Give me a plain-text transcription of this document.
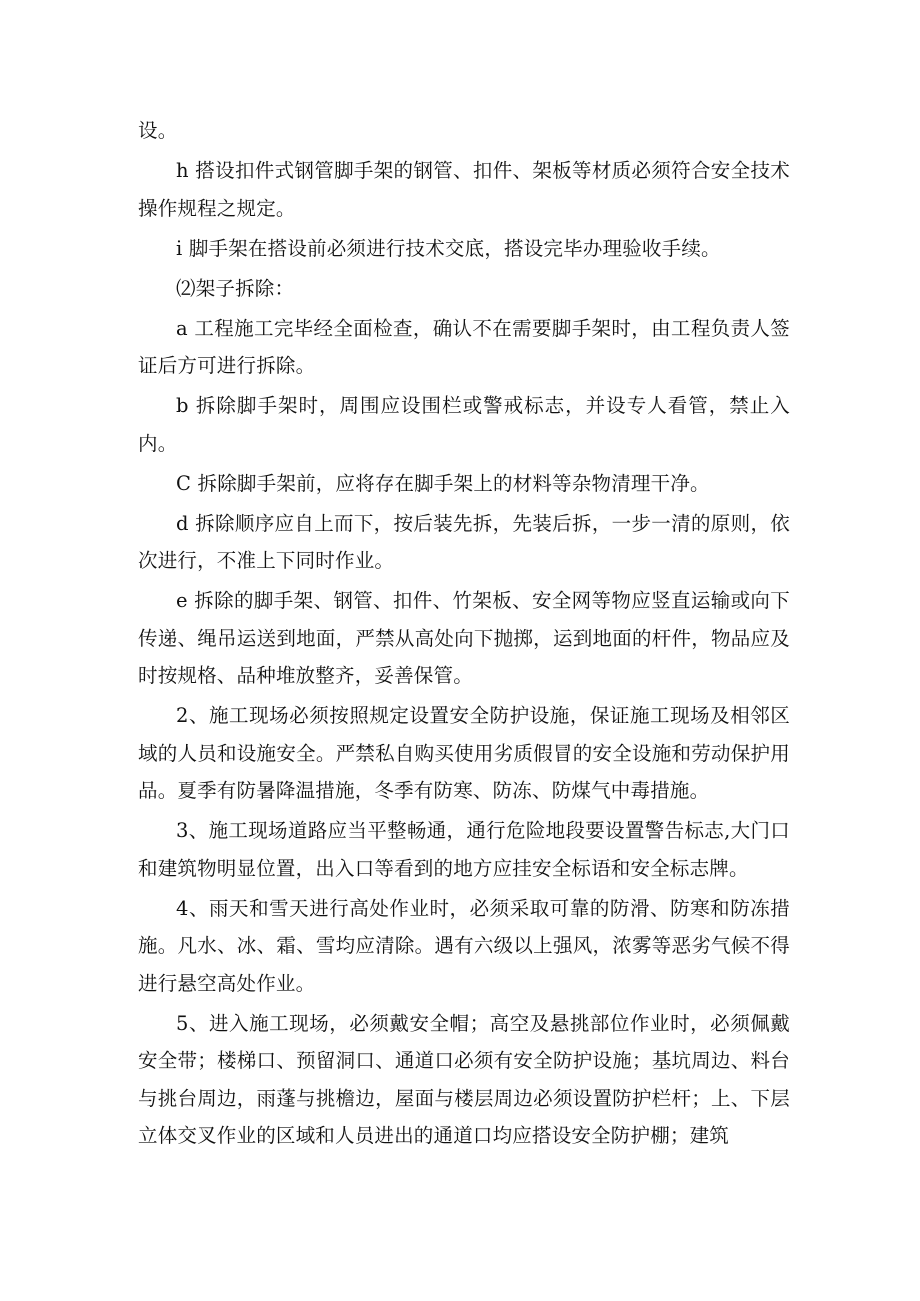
设。

h 搭设扣件式钢管脚手架的钢管、扣件、架板等材质必须符合安全技术操作规程之规定。

i 脚手架在搭设前必须进行技术交底，搭设完毕办理验收手续。

⑵架子拆除：

a 工程施工完毕经全面检查，确认不在需要脚手架时，由工程负责人签证后方可进行拆除。

b 拆除脚手架时，周围应设围栏或警戒标志，并设专人看管，禁止入内。

C 拆除脚手架前，应将存在脚手架上的材料等杂物清理干净。

d 拆除顺序应自上而下，按后装先拆，先装后拆，一步一清的原则，依次进行，不准上下同时作业。

e 拆除的脚手架、钢管、扣件、竹架板、安全网等物应竖直运输或向下传递、绳吊运送到地面，严禁从高处向下抛掷，运到地面的杆件，物品应及时按规格、品种堆放整齐，妥善保管。

2、施工现场必须按照规定设置安全防护设施，保证施工现场及相邻区域的人员和设施安全。严禁私自购买使用劣质假冒的安全设施和劳动保护用品。夏季有防暑降温措施，冬季有防寒、防冻、防煤气中毒措施。

3、施工现场道路应当平整畅通，通行危险地段要设置警告标志,大门口和建筑物明显位置，出入口等看到的地方应挂安全标语和安全标志牌。

4、雨天和雪天进行高处作业时，必须采取可靠的防滑、防寒和防冻措施。凡水、冰、霜、雪均应清除。遇有六级以上强风，浓雾等恶劣气候不得进行悬空高处作业。

5、进入施工现场，必须戴安全帽；高空及悬挑部位作业时，必须佩戴安全带；楼梯口、预留洞口、通道口必须有安全防护设施；基坑周边、料台与挑台周边，雨蓬与挑檐边，屋面与楼层周边必须设置防护栏杆；上、下层立体交叉作业的区域和人员进出的通道口均应搭设安全防护棚；建筑
